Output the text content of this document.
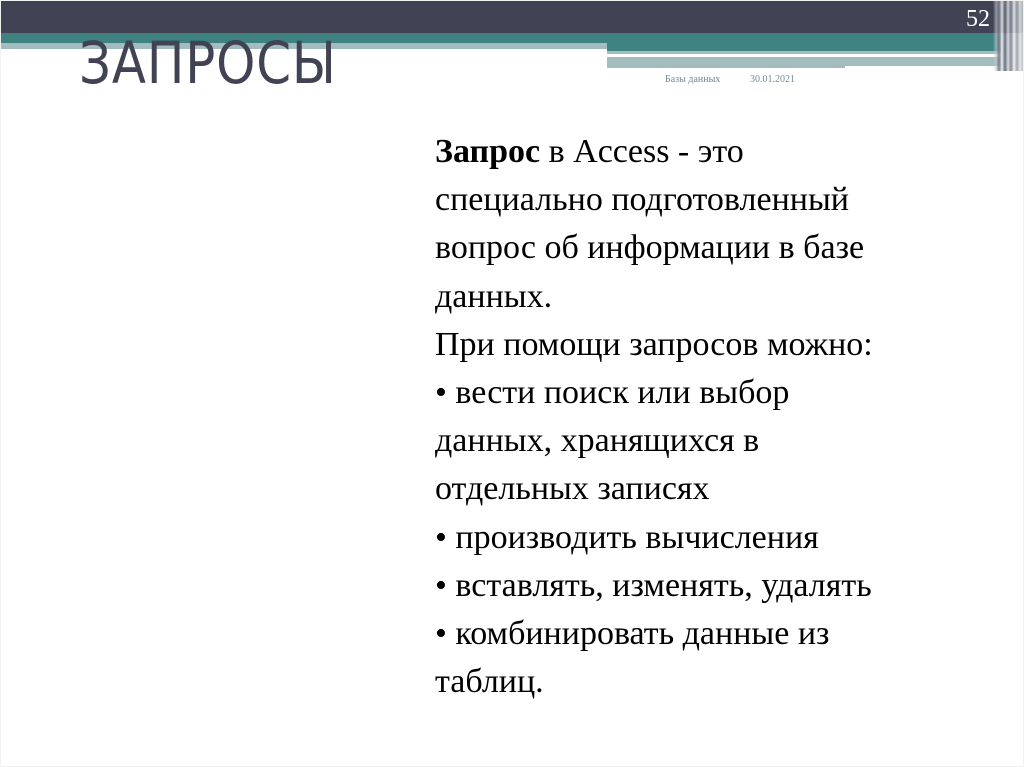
52
ЗАПРОСЫ	Базы данных	30.01.2021

Запрос в Access - это

специально подготовленный

вопрос об информации в базе

данных.

При помощи запросов можно:

• вести поиск или выбор

данных, хранящихся в

отдельных записях

• производить вычисления

• вставлять, изменять, удалять

• комбинировать данные из

таблиц.
